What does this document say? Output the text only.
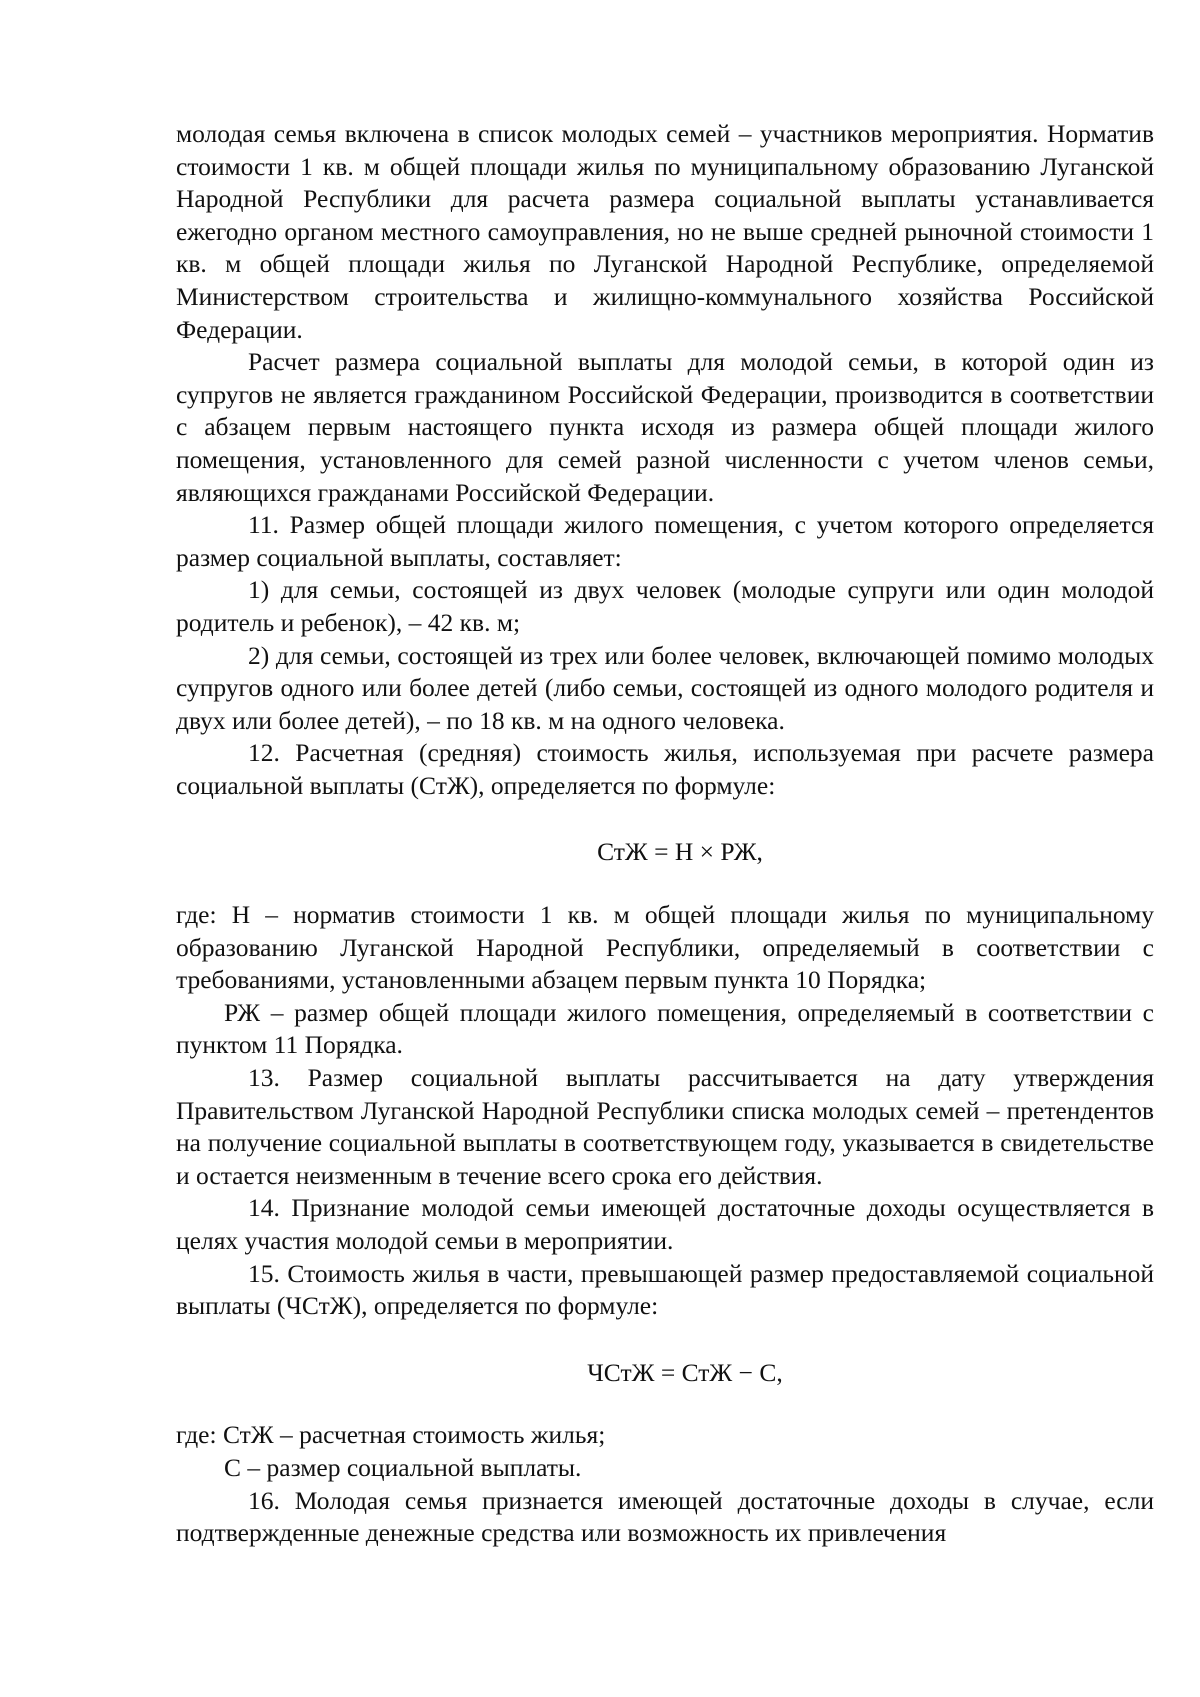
молодая семья включена в список молодых семей – участников мероприятия. Норматив стоимости 1 кв. м общей площади жилья по муниципальному образованию Луганской Народной Республики для расчета размера социальной выплаты устанавливается ежегодно органом местного самоуправления, но не выше средней рыночной стоимости 1 кв. м общей площади жилья по Луганской Народной Республике, определяемой Министерством строительства и жилищно-коммунального хозяйства Российской Федерации.

Расчет размера социальной выплаты для молодой семьи, в которой один из супругов не является гражданином Российской Федерации, производится в соответствии с абзацем первым настоящего пункта исходя из размера общей площади жилого помещения, установленного для семей разной численности с учетом членов семьи, являющихся гражданами Российской Федерации.

11. Размер общей площади жилого помещения, с учетом которого определяется размер социальной выплаты, составляет:

1) для семьи, состоящей из двух человек (молодые супруги или один молодой родитель и ребенок), – 42 кв. м;

2) для семьи, состоящей из трех или более человек, включающей помимо молодых супругов одного или более детей (либо семьи, состоящей из одного молодого родителя и двух или более детей), – по 18 кв. м на одного человека.

12. Расчетная (средняя) стоимость жилья, используемая при расчете размера социальной выплаты (СтЖ), определяется по формуле:

СтЖ = Н × РЖ,

где: Н – норматив стоимости 1 кв. м общей площади жилья по муниципальному образованию Луганской Народной Республики, определяемый в соответствии с требованиями, установленными абзацем первым пункта 10 Порядка;

РЖ – размер общей площади жилого помещения, определяемый в соответствии с пунктом 11 Порядка.

13. Размер социальной выплаты рассчитывается на дату утверждения Правительством Луганской Народной Республики списка молодых семей – претендентов на получение социальной выплаты в соответствующем году, указывается в свидетельстве и остается неизменным в течение всего срока его действия.

14. Признание молодой семьи имеющей достаточные доходы осуществляется в целях участия молодой семьи в мероприятии.

15. Стоимость жилья в части, превышающей размер предоставляемой социальной выплаты (ЧСтЖ), определяется по формуле:

ЧСтЖ = СтЖ − С,

где: СтЖ – расчетная стоимость жилья;

С – размер социальной выплаты.

16. Молодая семья признается имеющей достаточные доходы в случае, если подтвержденные денежные средства или возможность их привлечения
